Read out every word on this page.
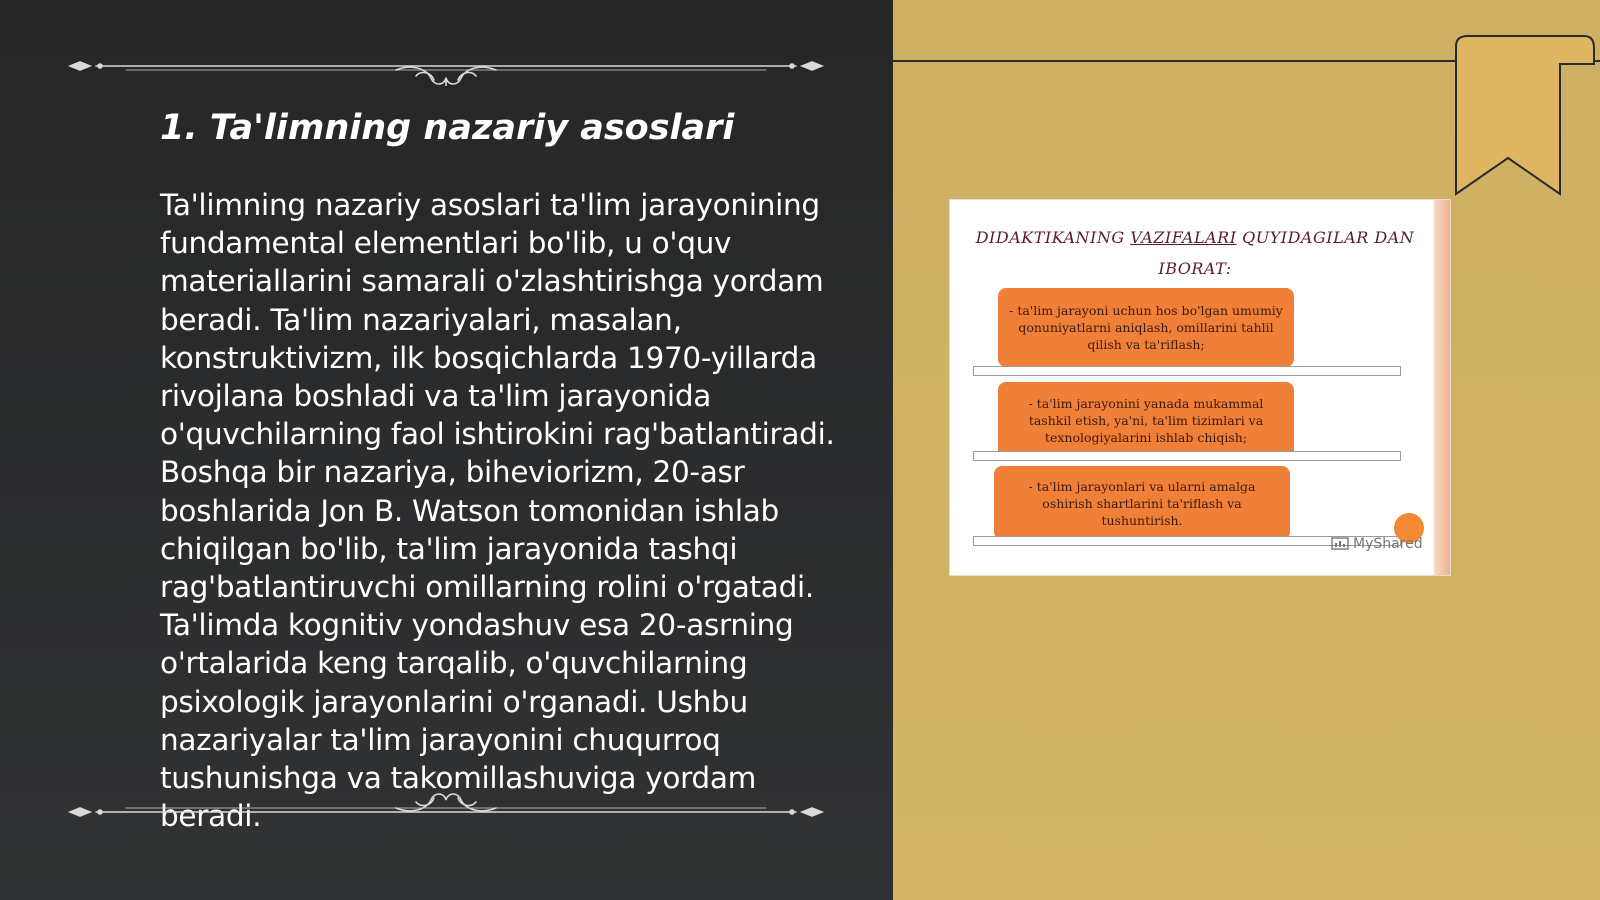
1. Ta'limning nazariy asoslari

Ta'limning nazariy asoslari ta'lim jarayonining fundamental elementlari bo'lib, u o'quv materiallarini samarali o'zlashtirishga yordam beradi. Ta'lim nazariyalari, masalan, konstruktivizm, ilk bosqichlarda 1970-yillarda rivojlana boshladi va ta'lim jarayonida o'quvchilarning faol ishtirokini rag'batlantiradi. Boshqa bir nazariya, biheviorizm, 20-asr boshlarida Jon B. Watson tomonidan ishlab chiqilgan bo'lib, ta'lim jarayonida tashqi rag'batlantiruvchi omillarning rolini o'rgatadi. Ta'limda kognitiv yondashuv esa 20-asrning o'rtalarida keng tarqalib, o'quvchilarning psixologik jarayonlarini o'rganadi. Ushbu nazariyalar ta'lim jarayonini chuqurroq tushunishga va takomillashuviga yordam beradi.

DIDAKTIKANING VAZIFALARI QUYIDAGILAR DAN IBORAT:
- ta'lim jarayoni uchun hos bo'lgan umumiy qonuniyatlarni aniqlash, omillarini tahlil qilish va ta'riflash;
- ta'lim jarayonini yanada mukammal tashkil etish, ya'ni, ta'lim tizimlari va texnologiyalarini ishlab chiqish;
- ta'lim jarayonlari va ularni amalga oshirish shartlarini ta'riflash va tushuntirish.
MyShared
